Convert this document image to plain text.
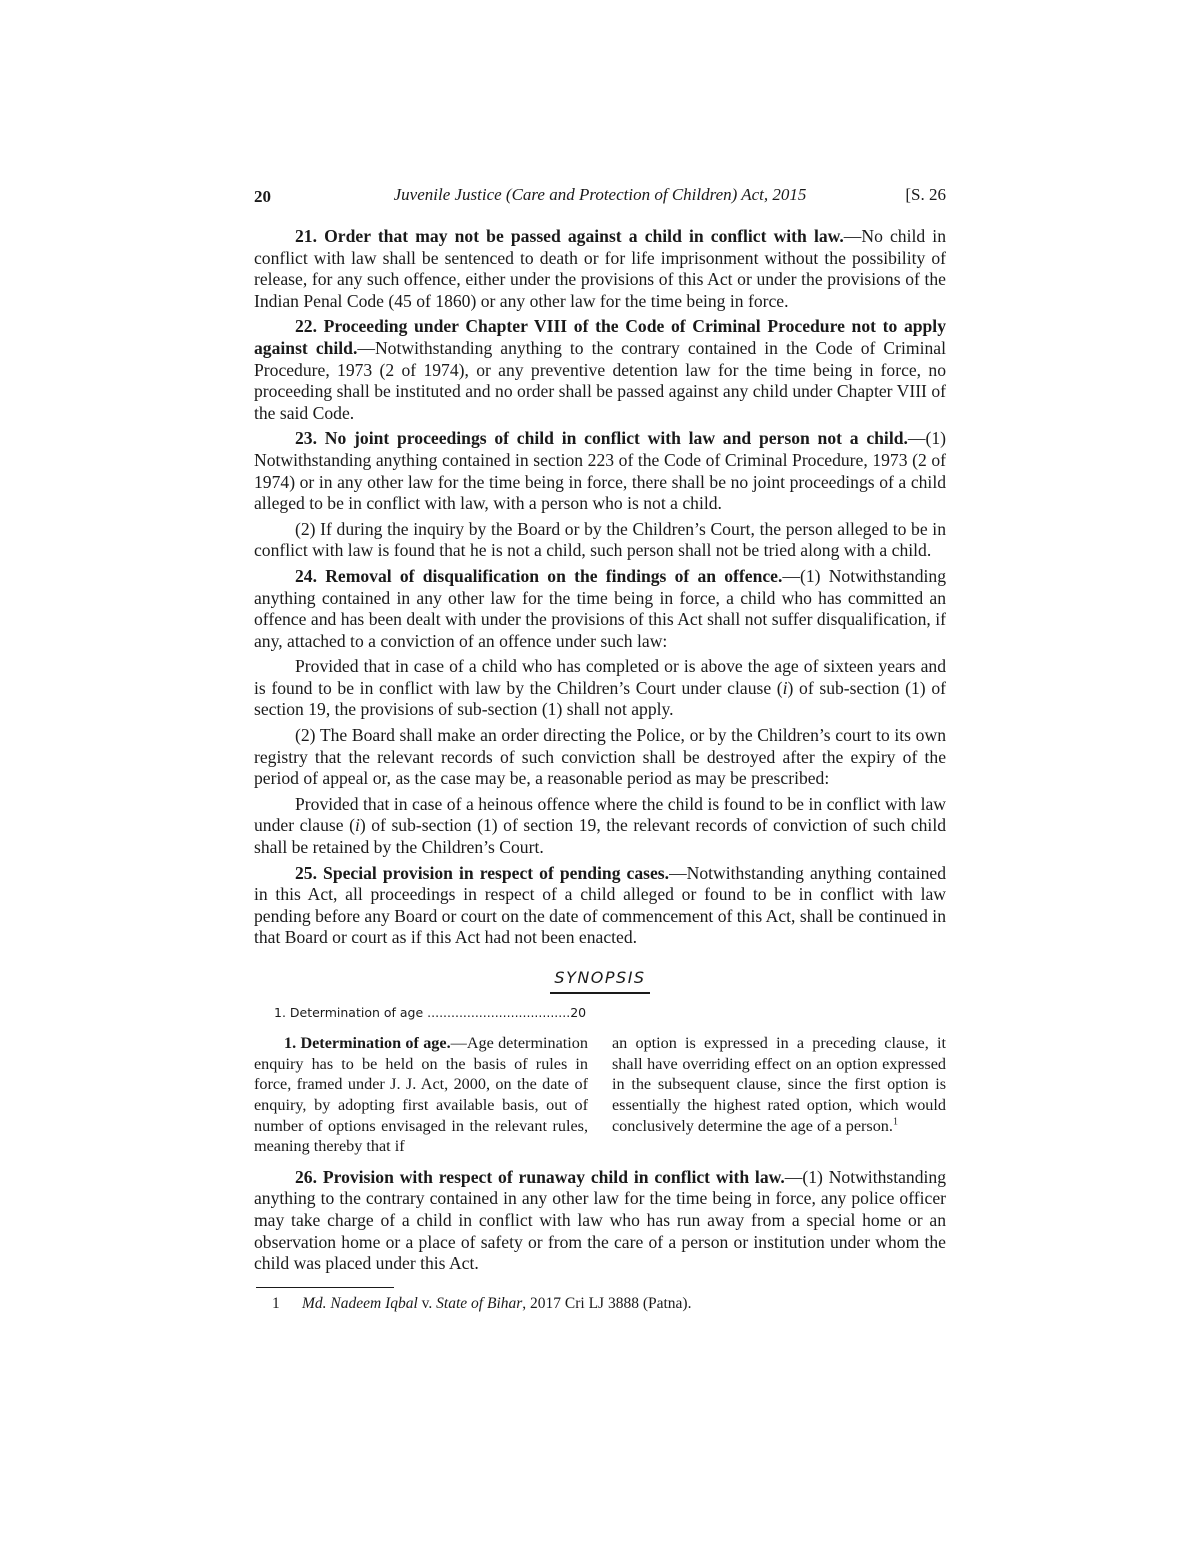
20	Juvenile Justice (Care and Protection of Children) Act, 2015	[S. 26

21. Order that may not be passed against a child in conflict with law.—No child in conflict with law shall be sentenced to death or for life imprisonment without the possibility of release, for any such offence, either under the provisions of this Act or under the provisions of the Indian Penal Code (45 of 1860) or any other law for the time being in force.

22. Proceeding under Chapter VIII of the Code of Criminal Procedure not to apply against child.—Notwithstanding anything to the contrary contained in the Code of Criminal Procedure, 1973 (2 of 1974), or any preventive detention law for the time being in force, no proceeding shall be instituted and no order shall be passed against any child under Chapter VIII of the said Code.

23. No joint proceedings of child in conflict with law and person not a child.—(1) Notwithstanding anything contained in section 223 of the Code of Criminal Procedure, 1973 (2 of 1974) or in any other law for the time being in force, there shall be no joint proceedings of a child alleged to be in conflict with law, with a person who is not a child.

(2) If during the inquiry by the Board or by the Children’s Court, the person alleged to be in conflict with law is found that he is not a child, such person shall not be tried along with a child.

24. Removal of disqualification on the findings of an offence.—(1) Notwithstanding anything contained in any other law for the time being in force, a child who has committed an offence and has been dealt with under the provisions of this Act shall not suffer disqualification, if any, attached to a conviction of an offence under such law:

Provided that in case of a child who has completed or is above the age of sixteen years and is found to be in conflict with law by the Children’s Court under clause (i) of sub-section (1) of section 19, the provisions of sub-section (1) shall not apply.

(2) The Board shall make an order directing the Police, or by the Children’s court to its own registry that the relevant records of such conviction shall be destroyed after the expiry of the period of appeal or, as the case may be, a reasonable period as may be prescribed:

Provided that in case of a heinous offence where the child is found to be in conflict with law under clause (i) of sub-section (1) of section 19, the relevant records of conviction of such child shall be retained by the Children’s Court.

25. Special provision in respect of pending cases.—Notwithstanding anything contained in this Act, all proceedings in respect of a child alleged or found to be in conflict with law pending before any Board or court on the date of commencement of this Act, shall be continued in that Board or court as if this Act had not been enacted.

SYNOPSIS
1. Determination of age ....................................20

1. Determination of age.—Age determination enquiry has to be held on the basis of rules in force, framed under J. J. Act, 2000, on the date of enquiry, by adopting first available basis, out of number of options envisaged in the relevant rules, meaning thereby that if

an option is expressed in a preceding clause, it shall have overriding effect on an option expressed in the subsequent clause, since the first option is essentially the highest rated option, which would conclusively determine the age of a person.$^1$

26. Provision with respect of runaway child in conflict with law.—(1) Notwithstanding anything to the contrary contained in any other law for the time being in force, any police officer may take charge of a child in conflict with law who has run away from a special home or an observation home or a place of safety or from the care of a person or institution under whom the child was placed under this Act.

1 Md. Nadeem Iqbal v. State of Bihar, 2017 Cri LJ 3888 (Patna).
